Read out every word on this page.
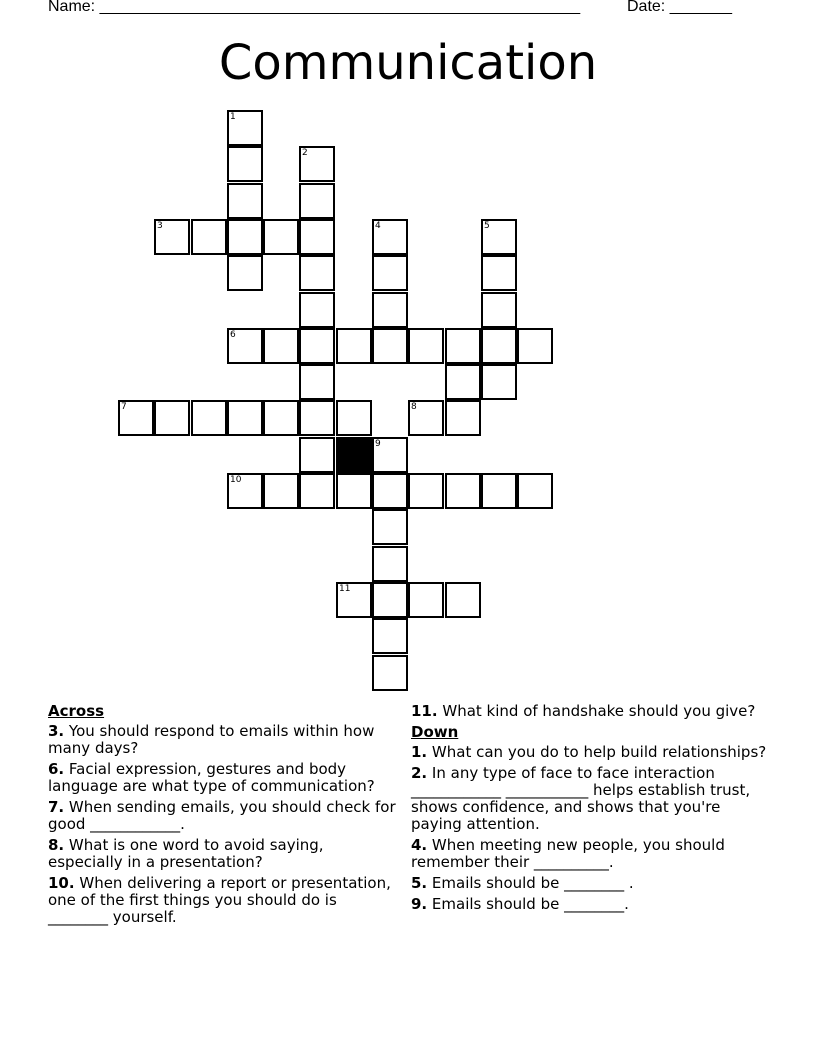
Name: ______________________________________________________	Date: _______
Communication
1
2
3	4	5
6
7	8
9
10
11
Across
3. You should respond to emails within how many days?
6. Facial expression, gestures and body language are what type of communication?
7. When sending emails, you should check for good ____________.
8. What is one word to avoid saying, especially in a presentation?
10. When delivering a report or presentation, one of the first things you should do is ________ yourself.
11. What kind of handshake should you give?
Down
1. What can you do to help build relationships?
2. In any type of face to face interaction ____________ ___________ helps establish trust, shows confidence, and shows that you're paying attention.
4. When meeting new people, you should remember their __________.
5. Emails should be ________ .
9. Emails should be ________.
